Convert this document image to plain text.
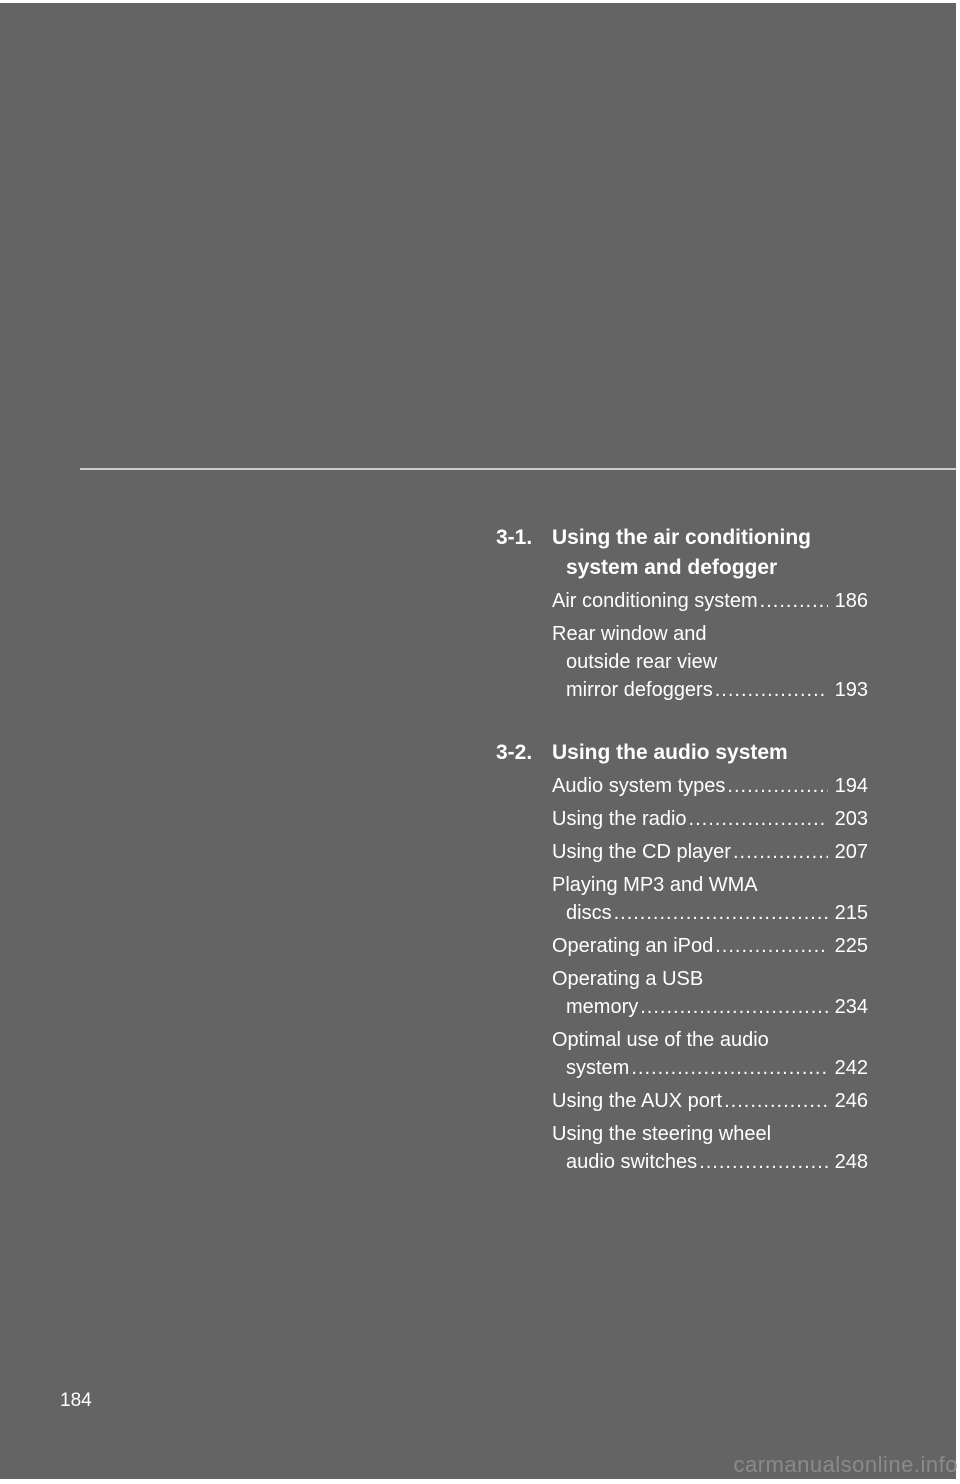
3-1. Using the air conditioning
system and defogger
Air conditioning system .....	186
Rear window and
outside rear view
mirror defoggers .....	193
3-2. Using the audio system
Audio system types .....	194
Using the radio .....	203
Using the CD player .....	207
Playing MP3 and WMA
discs .....	215
Operating an iPod .....	225
Operating a USB
memory .....	234
Optimal use of the audio
system .....	242
Using the AUX port .....	246
Using the steering wheel
audio switches .....	248
184
carmanualsonline.info
